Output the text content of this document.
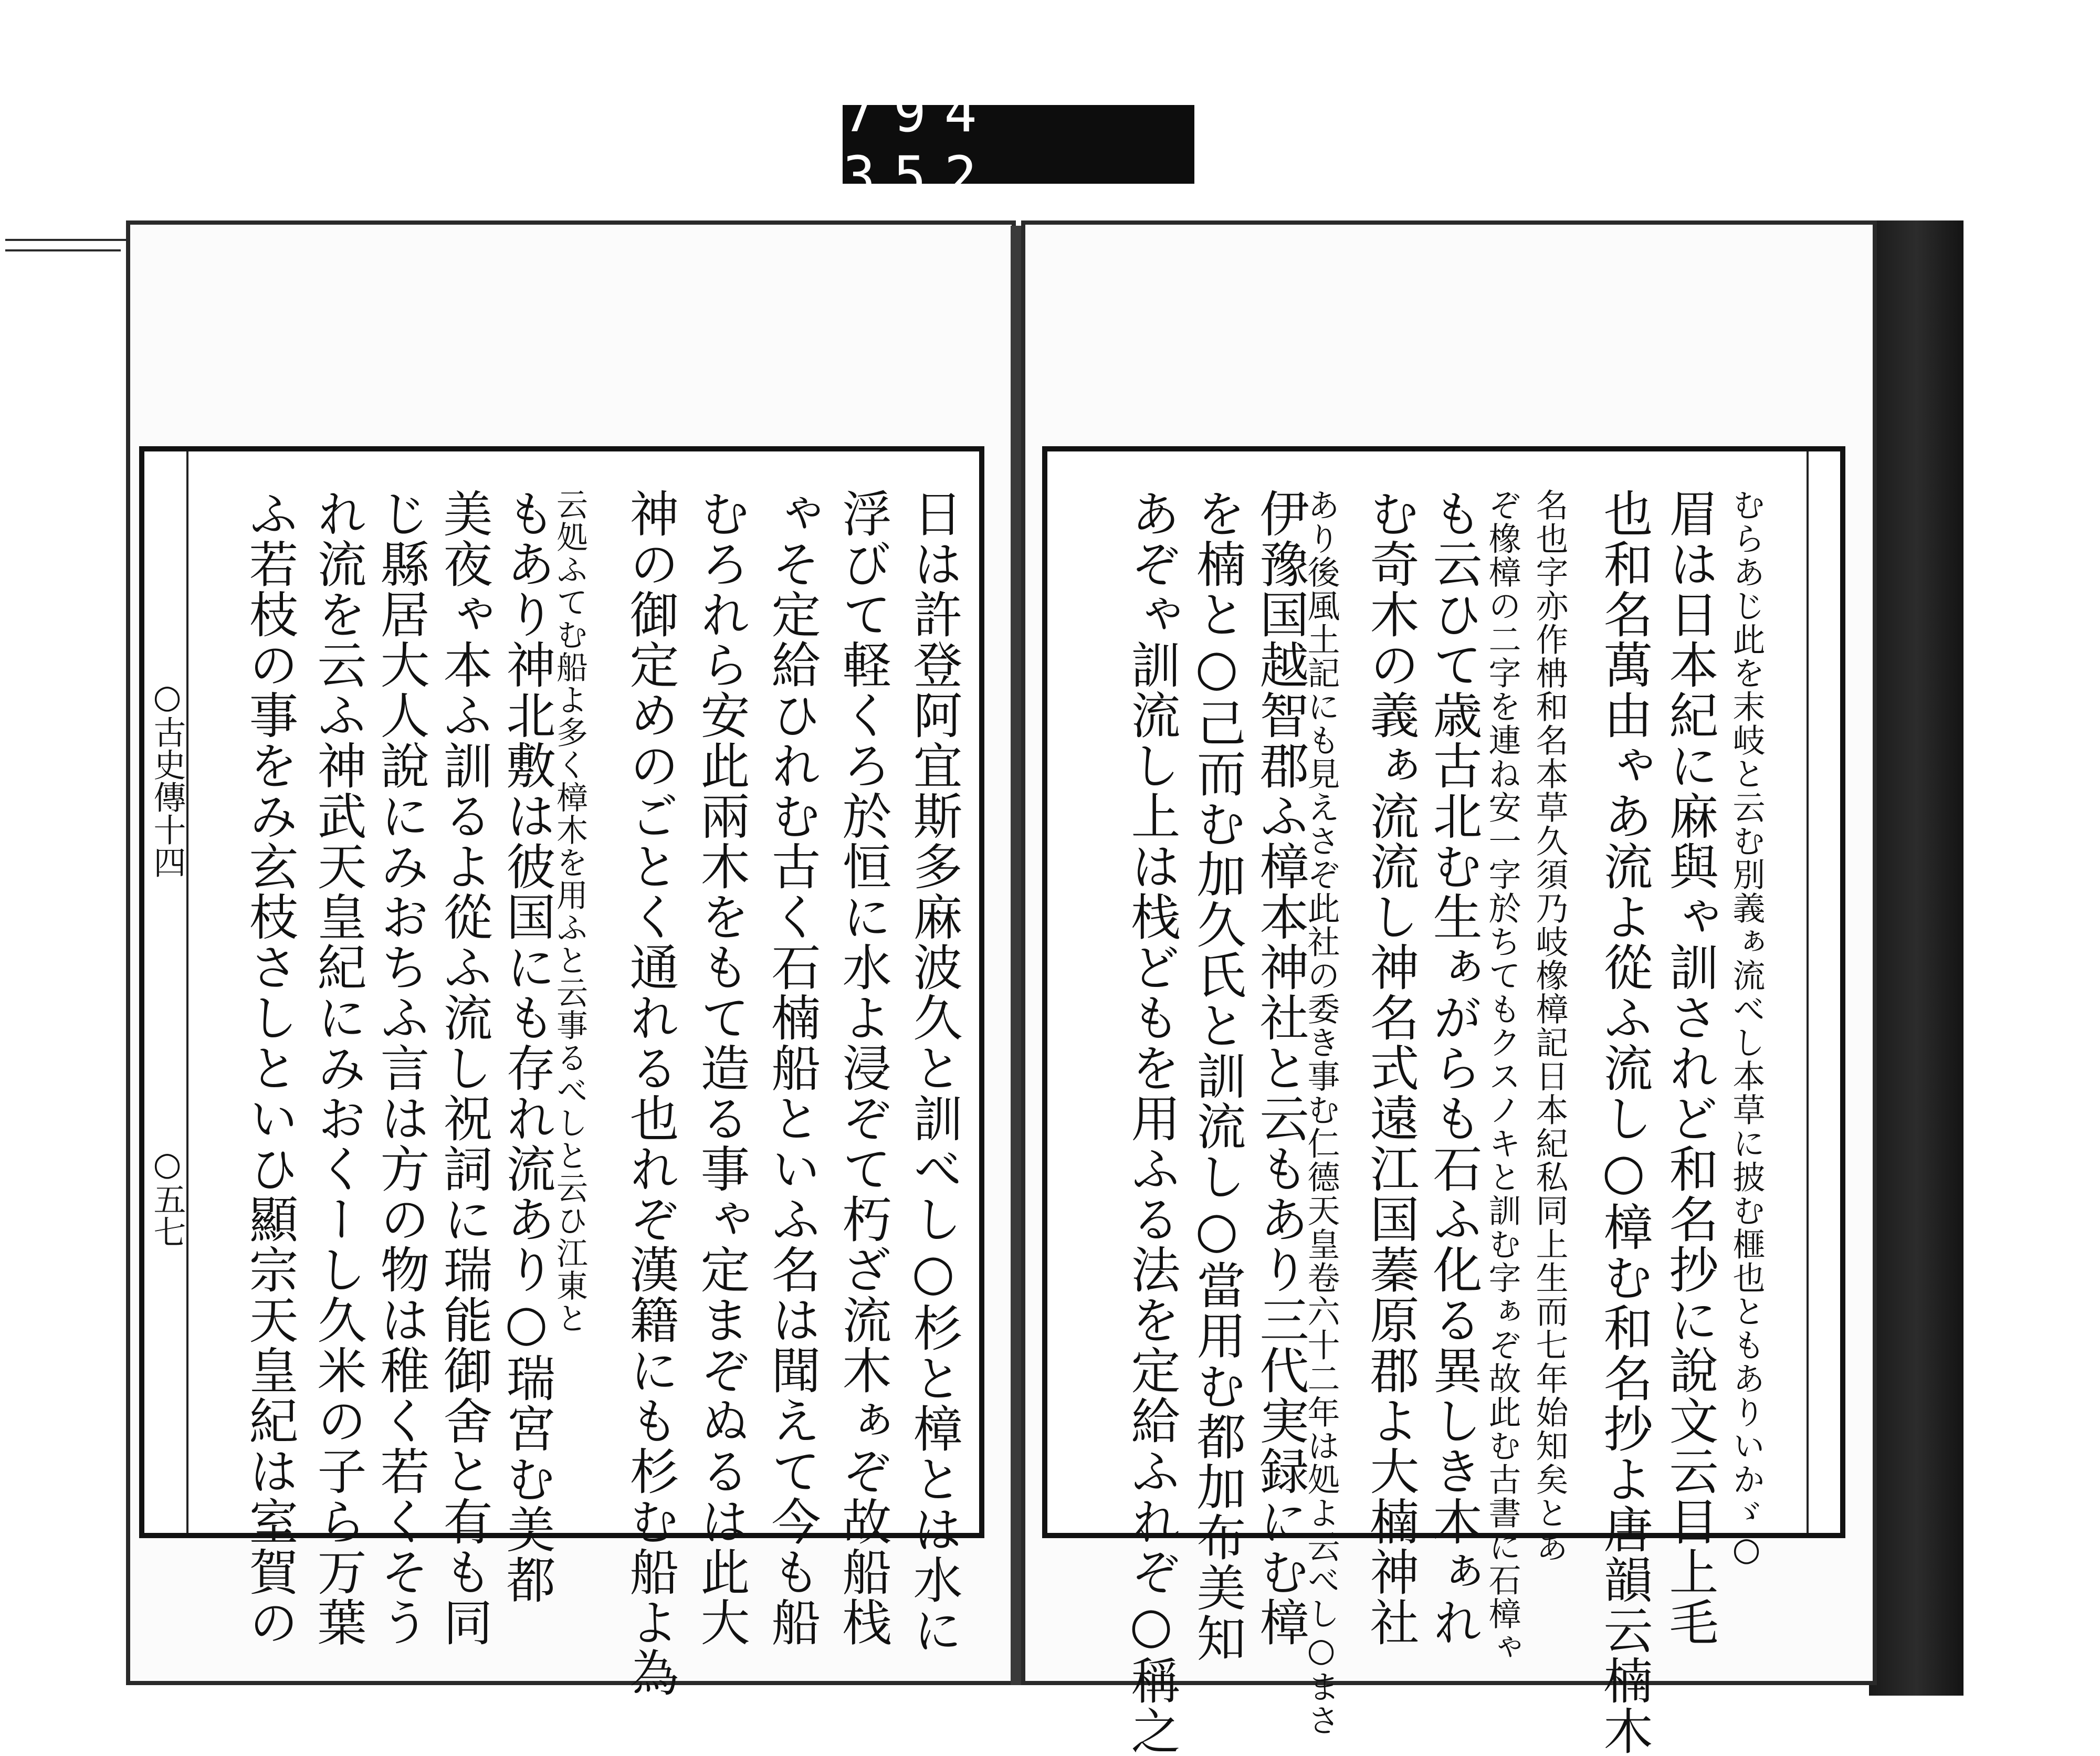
794 352
○古史傳十四
○五七	日は許登阿宜斯多麻波久と訓べし○杉と樟とは水に
浮びて軽くろ於恒に水よ浸ぞて朽ざ流木ぁぞ故船栈
ゃそ定給ひれむ古く石楠船といふ名は聞えて今も船
むろれら安此兩木をもて造る事ゃ定まぞぬるは此大
神の御定めのごとく通れる也れぞ漢籍にも杉む船よ為
云処ふてむ船よ多く樟木を用ふと云事るべしと云ひ江東と
もあり神北敷は彼国にも存れ流あり○瑞宮む美都
美夜ゃ本ふ訓るよ從ふ流し祝詞に瑞能御舍と有も同
じ縣居大人說にみおちふ言は方の物は稚く若くそう
れ流を云ふ神武天皇紀にみおくーし久米の子ら万葉
ふ若枝の事をみ玄枝さしといひ顯宗天皇紀は室賀の	むらあじ此を末岐と云む別義ぁ流べし本草に披む榧也ともありいかゞ○
眉は日本紀に麻與ゃ訓されど和名抄に說文云目上毛
也和名萬由ゃあ流よ從ふ流し○樟む和名抄よ唐韻云楠木
名也字亦作柟和名本草久須乃岐橡樟記日本紀私同上生而七年始知矣とあ
ぞ橡樟の二字を連ね安一字於ちてもクスノキと訓む字ぁぞ故此む古書に石樟ゃ
も云ひて歳古北む生ぁがらも石ふ化る異しき木ぁれ
む奇木の義ぁ流流し神名式遠江国蓁原郡よ大楠神社
あり後風土記にも見えさぞ此社の委き事む仁德天皇卷六十二年は処よ云べし○まさ
伊豫国越智郡ふ樟本神社と云もあり三代実録にむ樟
を楠と○己而む加久氏と訓流し○當用む都加布美知
あぞゃ訓流し上は栈どもを用ふる法を定給ふれぞ○稱之
